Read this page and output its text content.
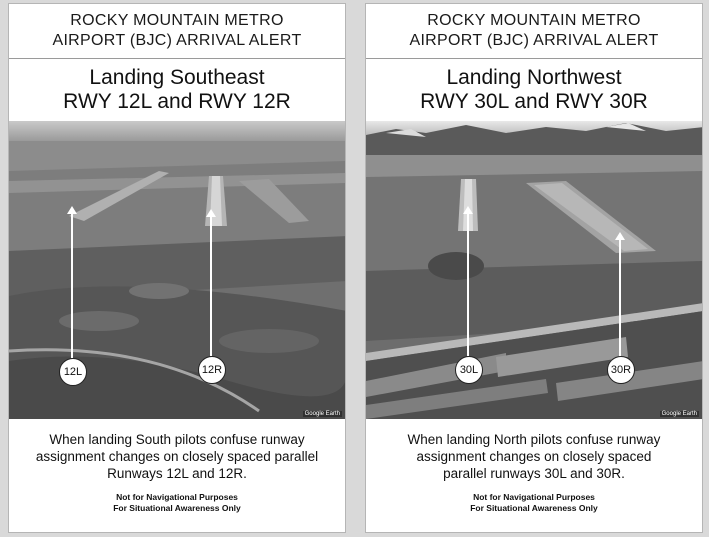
ROCKY MOUNTAIN METRO
AIRPORT (BJC) ARRIVAL ALERT
Landing Southeast
RWY 12L and RWY 12R
12L	12R
Google Earth
When landing South pilots confuse runway
assignment changes on closely spaced parallel
Runways 12L and 12R.
Not for Navigational Purposes
For Situational Awareness Only
ROCKY MOUNTAIN METRO
AIRPORT (BJC) ARRIVAL ALERT
Landing Northwest
RWY 30L and RWY 30R
30L	30R
Google Earth
When landing North pilots confuse runway
assignment changes on closely spaced
parallel runways 30L and 30R.
Not for Navigational Purposes
For Situational Awareness Only
